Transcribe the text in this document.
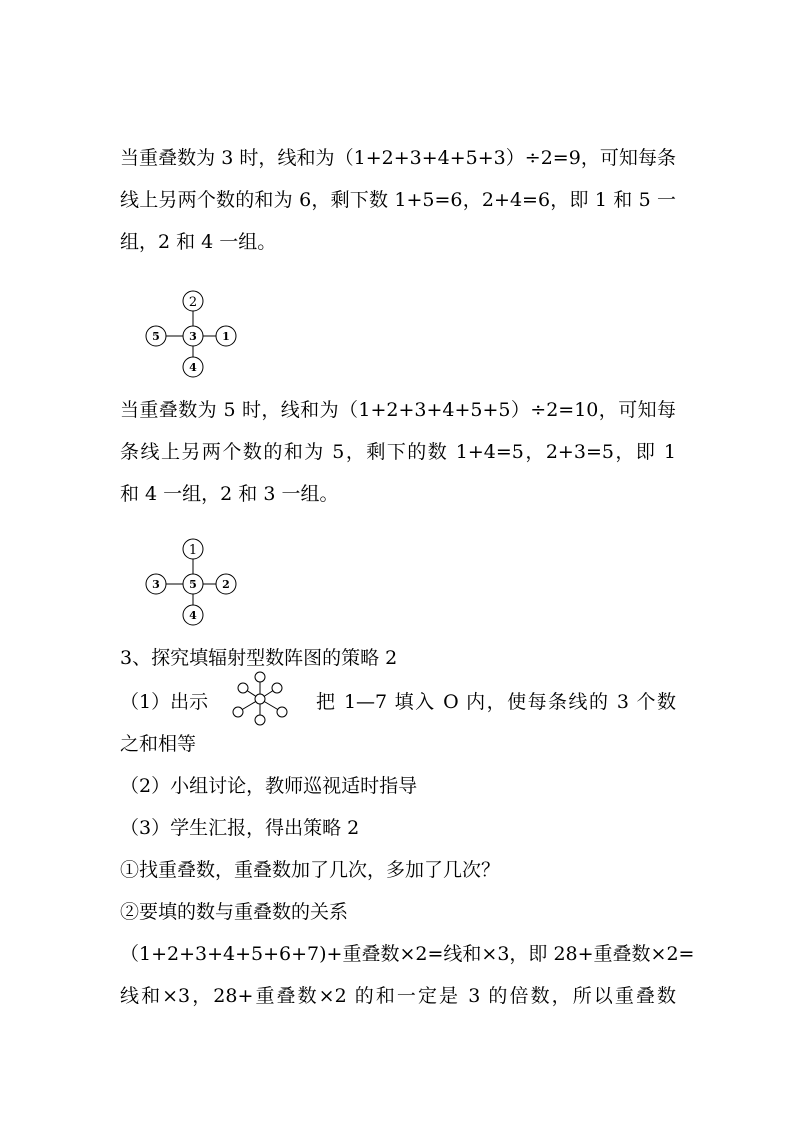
当重叠数为 3 时，线和为（1+2+3+4+5+3）÷2=9，可知每条
线上另两个数的和为 6，剩下数 1+5=6，2+4=6，即 1 和 5 一
组，2 和 4 一组。
2
5	1
4
3
当重叠数为 5 时，线和为（1+2+3+4+5+5）÷2=10，可知每
条线上另两个数的和为 5，剩下的数 1+4=5，2+3=5，即 1
和 4 一组，2 和 3 一组。
1
3	2
4
5
3、探究填辐射型数阵图的策略 2
（1）出示	把 1—7 填入 O 内，使每条线的 3 个数
之和相等
（2）小组讨论，教师巡视适时指导
（3）学生汇报，得出策略 2
①找重叠数，重叠数加了几次，多加了几次？
②要填的数与重叠数的关系
（1+2+3+4+5+6+7)+重叠数×2=线和×3，即 28+重叠数×2=
线和×3，28+重叠数×2 的和一定是 3 的倍数，所以重叠数
